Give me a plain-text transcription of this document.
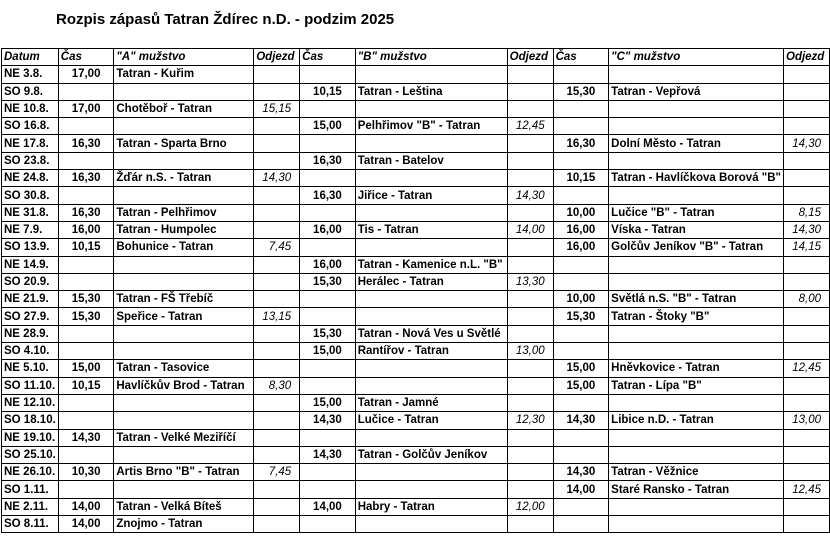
Rozpis zápasů Tatran Ždírec n.D. - podzim 2025
Datum	Čas	"A" mužstvo	Odjezd	Čas	"B" mužstvo	Odjezd	Čas	"C" mužstvo	Odjezd
NE 3.8.	17,00	Tatran - Kuřim							
SO 9.8.				10,15	Tatran - Leština		15,30	Tatran - Vepřová	
NE 10.8.	17,00	Chotěboř - Tatran	15,15						
SO 16.8.				15,00	Pelhřimov "B" - Tatran	12,45			
NE 17.8.	16,30	Tatran - Sparta Brno					16,30	Dolní Město - Tatran	14,30
SO 23.8.				16,30	Tatran - Batelov				
NE 24.8.	16,30	Žďár n.S. - Tatran	14,30				10,15	Tatran - Havlíčkova Borová "B"	
SO 30.8.				16,30	Jiřice - Tatran	14,30			
NE 31.8.	16,30	Tatran - Pelhřimov					10,00	Lučice "B" - Tatran	8,15
NE 7.9.	16,00	Tatran - Humpolec		16,00	Tis - Tatran	14,00	16,00	Víska - Tatran	14,30
SO 13.9.	10,15	Bohunice - Tatran	7,45				16,00	Golčův Jeníkov "B" - Tatran	14,15
NE 14.9.				16,00	Tatran - Kamenice n.L. "B"				
SO 20.9.				15,30	Herálec - Tatran	13,30			
NE 21.9.	15,30	Tatran - FŠ Třebíč					10,00	Světlá n.S. "B" - Tatran	8,00
SO 27.9.	15,30	Speřice - Tatran	13,15				15,30	Tatran - Štoky "B"	
NE 28.9.				15,30	Tatran - Nová Ves u Světlé				
SO 4.10.				15,00	Rantířov - Tatran	13,00			
NE 5.10.	15,00	Tatran - Tasovice					15,00	Hněvkovice - Tatran	12,45
SO 11.10.	10,15	Havlíčkův Brod - Tatran	8,30				15,00	Tatran - Lípa "B"	
NE 12.10.				15,00	Tatran - Jamné				
SO 18.10.				14,30	Lučice - Tatran	12,30	14,30	Libice n.D. - Tatran	13,00
NE 19.10.	14,30	Tatran - Velké Meziříčí							
SO 25.10.				14,30	Tatran - Golčův Jeníkov				
NE 26.10.	10,30	Artis Brno "B" - Tatran	7,45				14,30	Tatran - Věžnice	
SO 1.11.							14,00	Staré Ransko - Tatran	12,45
NE 2.11.	14,00	Tatran - Velká Bíteš		14,00	Habry - Tatran	12,00			
SO 8.11.	14,00	Znojmo - Tatran							
